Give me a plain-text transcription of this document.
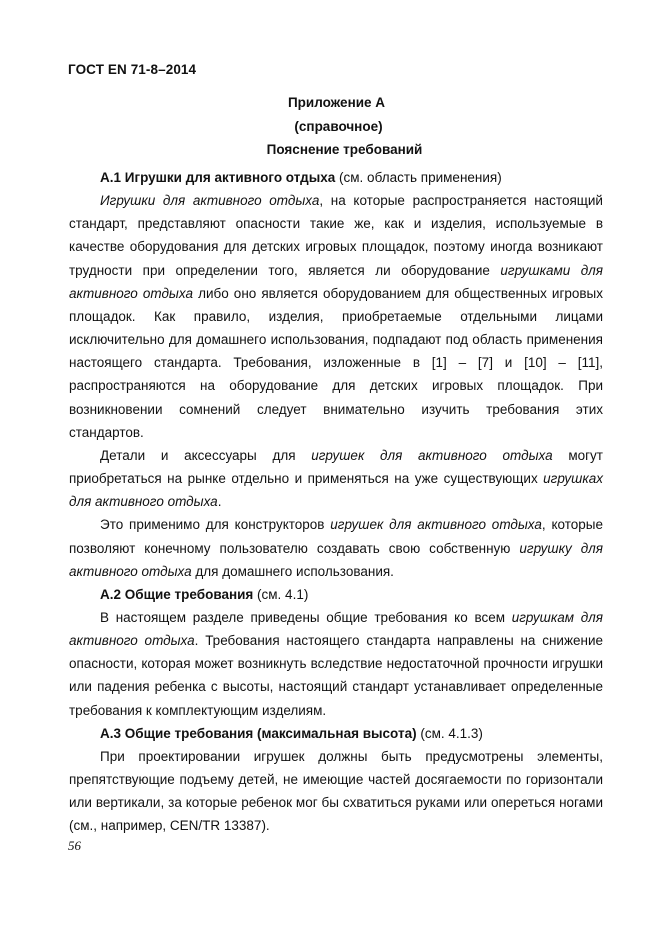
ГОСТ EN 71-8–2014
Приложение А
(справочное)
Пояснение требований

А.1 Игрушки для активного отдыха (см. область применения)

Игрушки для активного отдыха, на которые распространяется настоящий стандарт, представляют опасности такие же, как и изделия, используемые в качестве оборудования для детских игровых площадок, поэтому иногда возникают трудности при определении того, является ли оборудование игрушками для активного отдыха либо оно является оборудованием для общественных игровых площадок. Как правило, изделия, приобретаемые отдельными лицами исключительно для домашнего использования, подпадают под область применения настоящего стандарта. Требования, изложенные в [1] – [7] и [10] – [11], распространяются на оборудование для детских игровых площадок. При возникновении сомнений следует внимательно изучить требования этих стандартов.

Детали и аксессуары для игрушек для активного отдыха могут приобретаться на рынке отдельно и применяться на уже существующих игрушках для активного отдыха.

Это применимо для конструкторов игрушек для активного отдыха, которые позволяют конечному пользователю создавать свою собственную игрушку для активного отдыха для домашнего использования.

А.2 Общие требования (см. 4.1)

В настоящем разделе приведены общие требования ко всем игрушкам для активного отдыха. Требования настоящего стандарта направлены на снижение опасности, которая может возникнуть вследствие недостаточной прочности игрушки или падения ребенка с высоты, настоящий стандарт устанавливает определенные требования к комплектующим изделиям.

А.3 Общие требования (максимальная высота) (см. 4.1.3)

При проектировании игрушек должны быть предусмотрены элементы, препятствующие подъему детей, не имеющие частей досягаемости по горизонтали или вертикали, за которые ребенок мог бы схватиться руками или опереться ногами (см., например, CEN/TR 13387).

56
